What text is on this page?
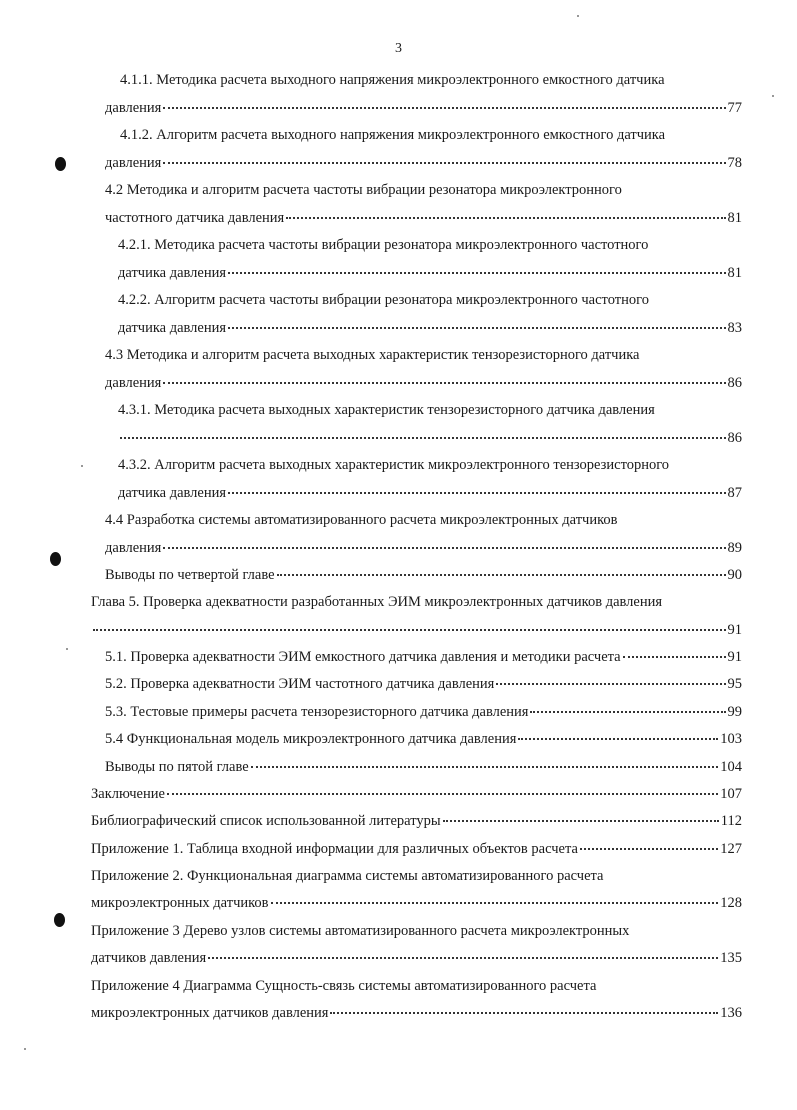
3
4.1.1. Методика расчета выходного напряжения микроэлектронного емкостного датчика
давления	77
4.1.2. Алгоритм расчета выходного напряжения микроэлектронного емкостного датчика
давления	78
4.2 Методика и алгоритм расчета частоты вибрации резонатора микроэлектронного
частотного датчика давления	81
4.2.1. Методика расчета частоты вибрации резонатора микроэлектронного частотного
датчика давления	81
4.2.2. Алгоритм расчета частоты вибрации резонатора микроэлектронного частотного
датчика давления	83
4.3 Методика и алгоритм расчета выходных характеристик тензорезисторного датчика
давления	86
4.3.1. Методика расчета выходных характеристик тензорезисторного датчика давления
86
4.3.2. Алгоритм расчета выходных характеристик микроэлектронного тензорезисторного
датчика давления	87
4.4 Разработка системы автоматизированного расчета микроэлектронных датчиков
давления	89
Выводы по четвертой главе	90
Глава 5. Проверка адекватности разработанных ЭИМ микроэлектронных датчиков давления
91
5.1. Проверка адекватности ЭИМ емкостного датчика давления и методики расчета	91
5.2. Проверка адекватности ЭИМ частотного датчика давления	95
5.3. Тестовые примеры расчета тензорезисторного датчика давления	99
5.4 Функциональная модель микроэлектронного датчика давления	103
Выводы по пятой главе	104
Заключение	107
Библиографический список использованной литературы	112
Приложение 1. Таблица входной информации для различных объектов расчета	127
Приложение 2. Функциональная диаграмма системы автоматизированного расчета
микроэлектронных датчиков	128
Приложение 3 Дерево узлов системы автоматизированного расчета микроэлектронных
датчиков давления	135
Приложение 4 Диаграмма Сущность-связь системы автоматизированного расчета
микроэлектронных датчиков давления	136
